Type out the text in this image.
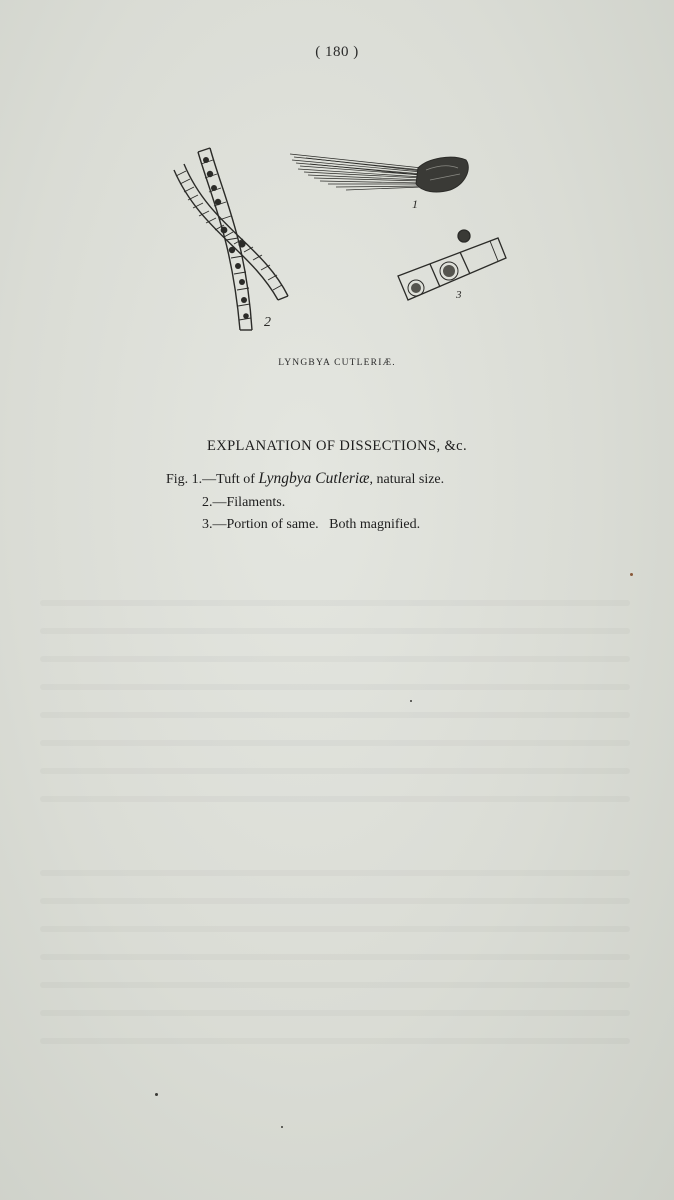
( 180 )
1
2
3
LYNGBYA CUTLERIÆ.
EXPLANATION OF DISSECTIONS, &c.
Fig. 1.—Tuft of Lyngbya Cutleriæ, natural size.
2.—Filaments.
3.—Portion of same.   Both magnified.
